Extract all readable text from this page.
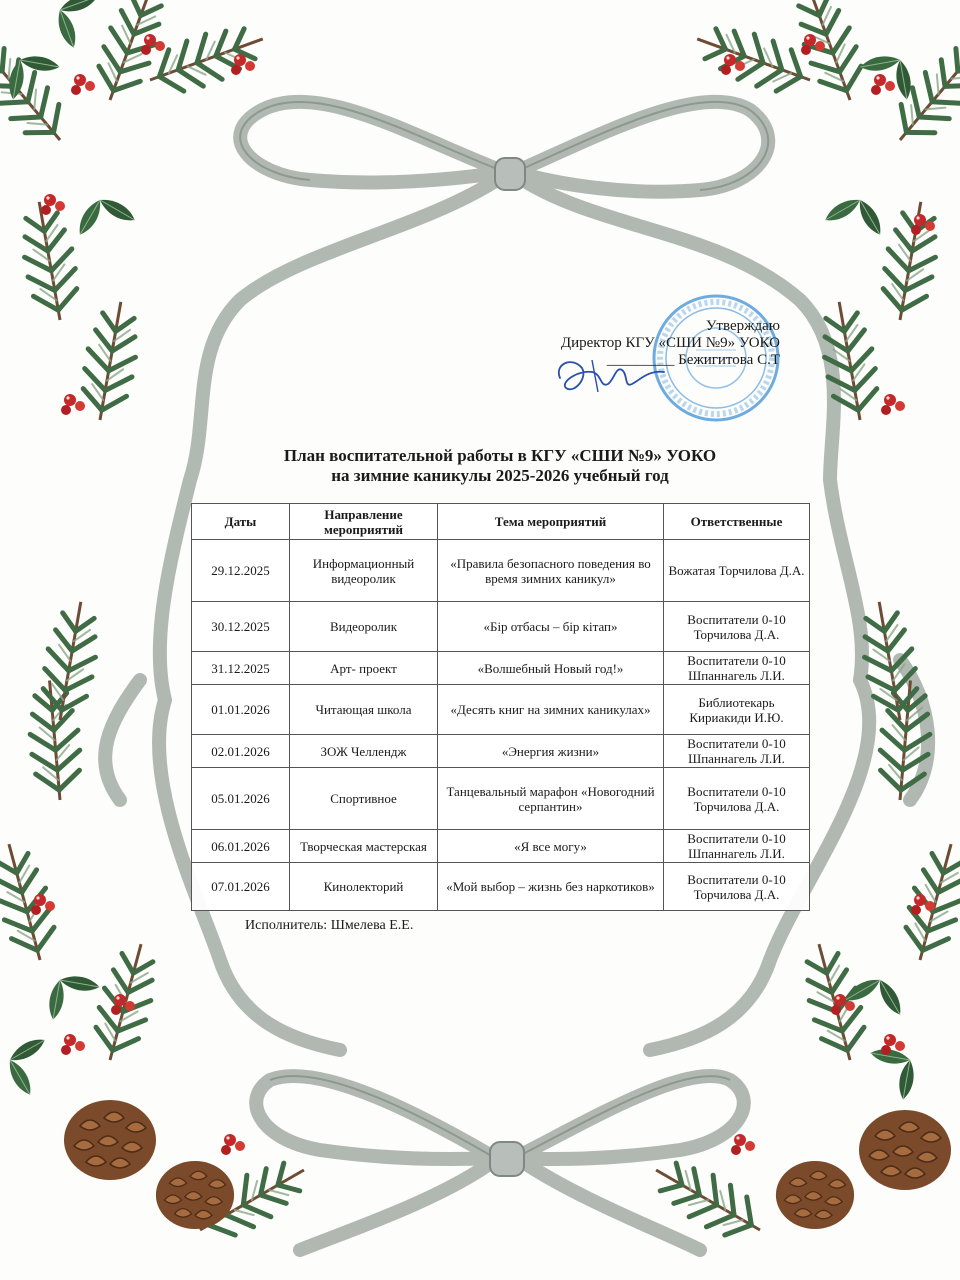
Утверждаю
Директор КГУ «СШИ №9» УОКО
_________ Бежигитова С.Т
План воспитательной работы в КГУ «СШИ №9» УОКО
на зимние каникулы 2025-2026 учебный год
Даты	Направление мероприятий	Тема мероприятий	Ответственные
29.12.2025	Информационный видеоролик	«Правила безопасного поведения во время зимних каникул»	Вожатая Торчилова Д.А.
30.12.2025	Видеоролик	«Бір отбасы – бір кітап»	Воспитатели 0-10 Торчилова Д.А.
31.12.2025	Арт- проект	«Волшебный Новый год!»	Воспитатели 0-10 Шпаннагель Л.И.
01.01.2026	Читающая школа	«Десять книг на зимних каникулах»	Библиотекарь Кириакиди И.Ю.
02.01.2026	ЗОЖ Челлендж	«Энергия жизни»	Воспитатели 0-10 Шпаннагель Л.И.
05.01.2026	Спортивное	Танцевальный марафон «Новогодний серпантин»	Воспитатели 0-10 Торчилова Д.А.
06.01.2026	Творческая мастерская	«Я все могу»	Воспитатели 0-10 Шпаннагель Л.И.
07.01.2026	Кинолекторий	«Мой выбор – жизнь без наркотиков»	Воспитатели 0-10 Торчилова Д.А.
Исполнитель: Шмелева Е.Е.
